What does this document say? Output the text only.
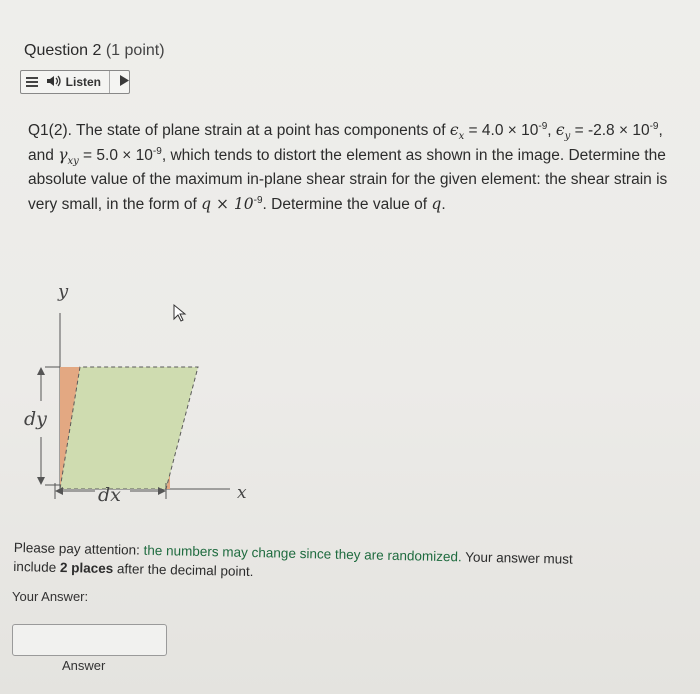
Question 2 (1 point)
Listen

Q1(2). The state of plane strain at a point has components of $\epsilon_x = 4.0 \times 10^{-9}$, $\epsilon_y = -2.8 \times 10^{-9}$, and $\gamma_{xy} = 5.0 \times 10^{-9}$, which tends to distort the element as shown in the image. Determine the absolute value of the maximum in-plane shear strain for the given element: the shear strain is very small, in the form of $q \times 10^{-9}$. Determine the value of q.

y
x
dy
dx
Please pay attention: the numbers may change since they are randomized. Your answer must include 2 places after the decimal point.
Your Answer:
Answer
